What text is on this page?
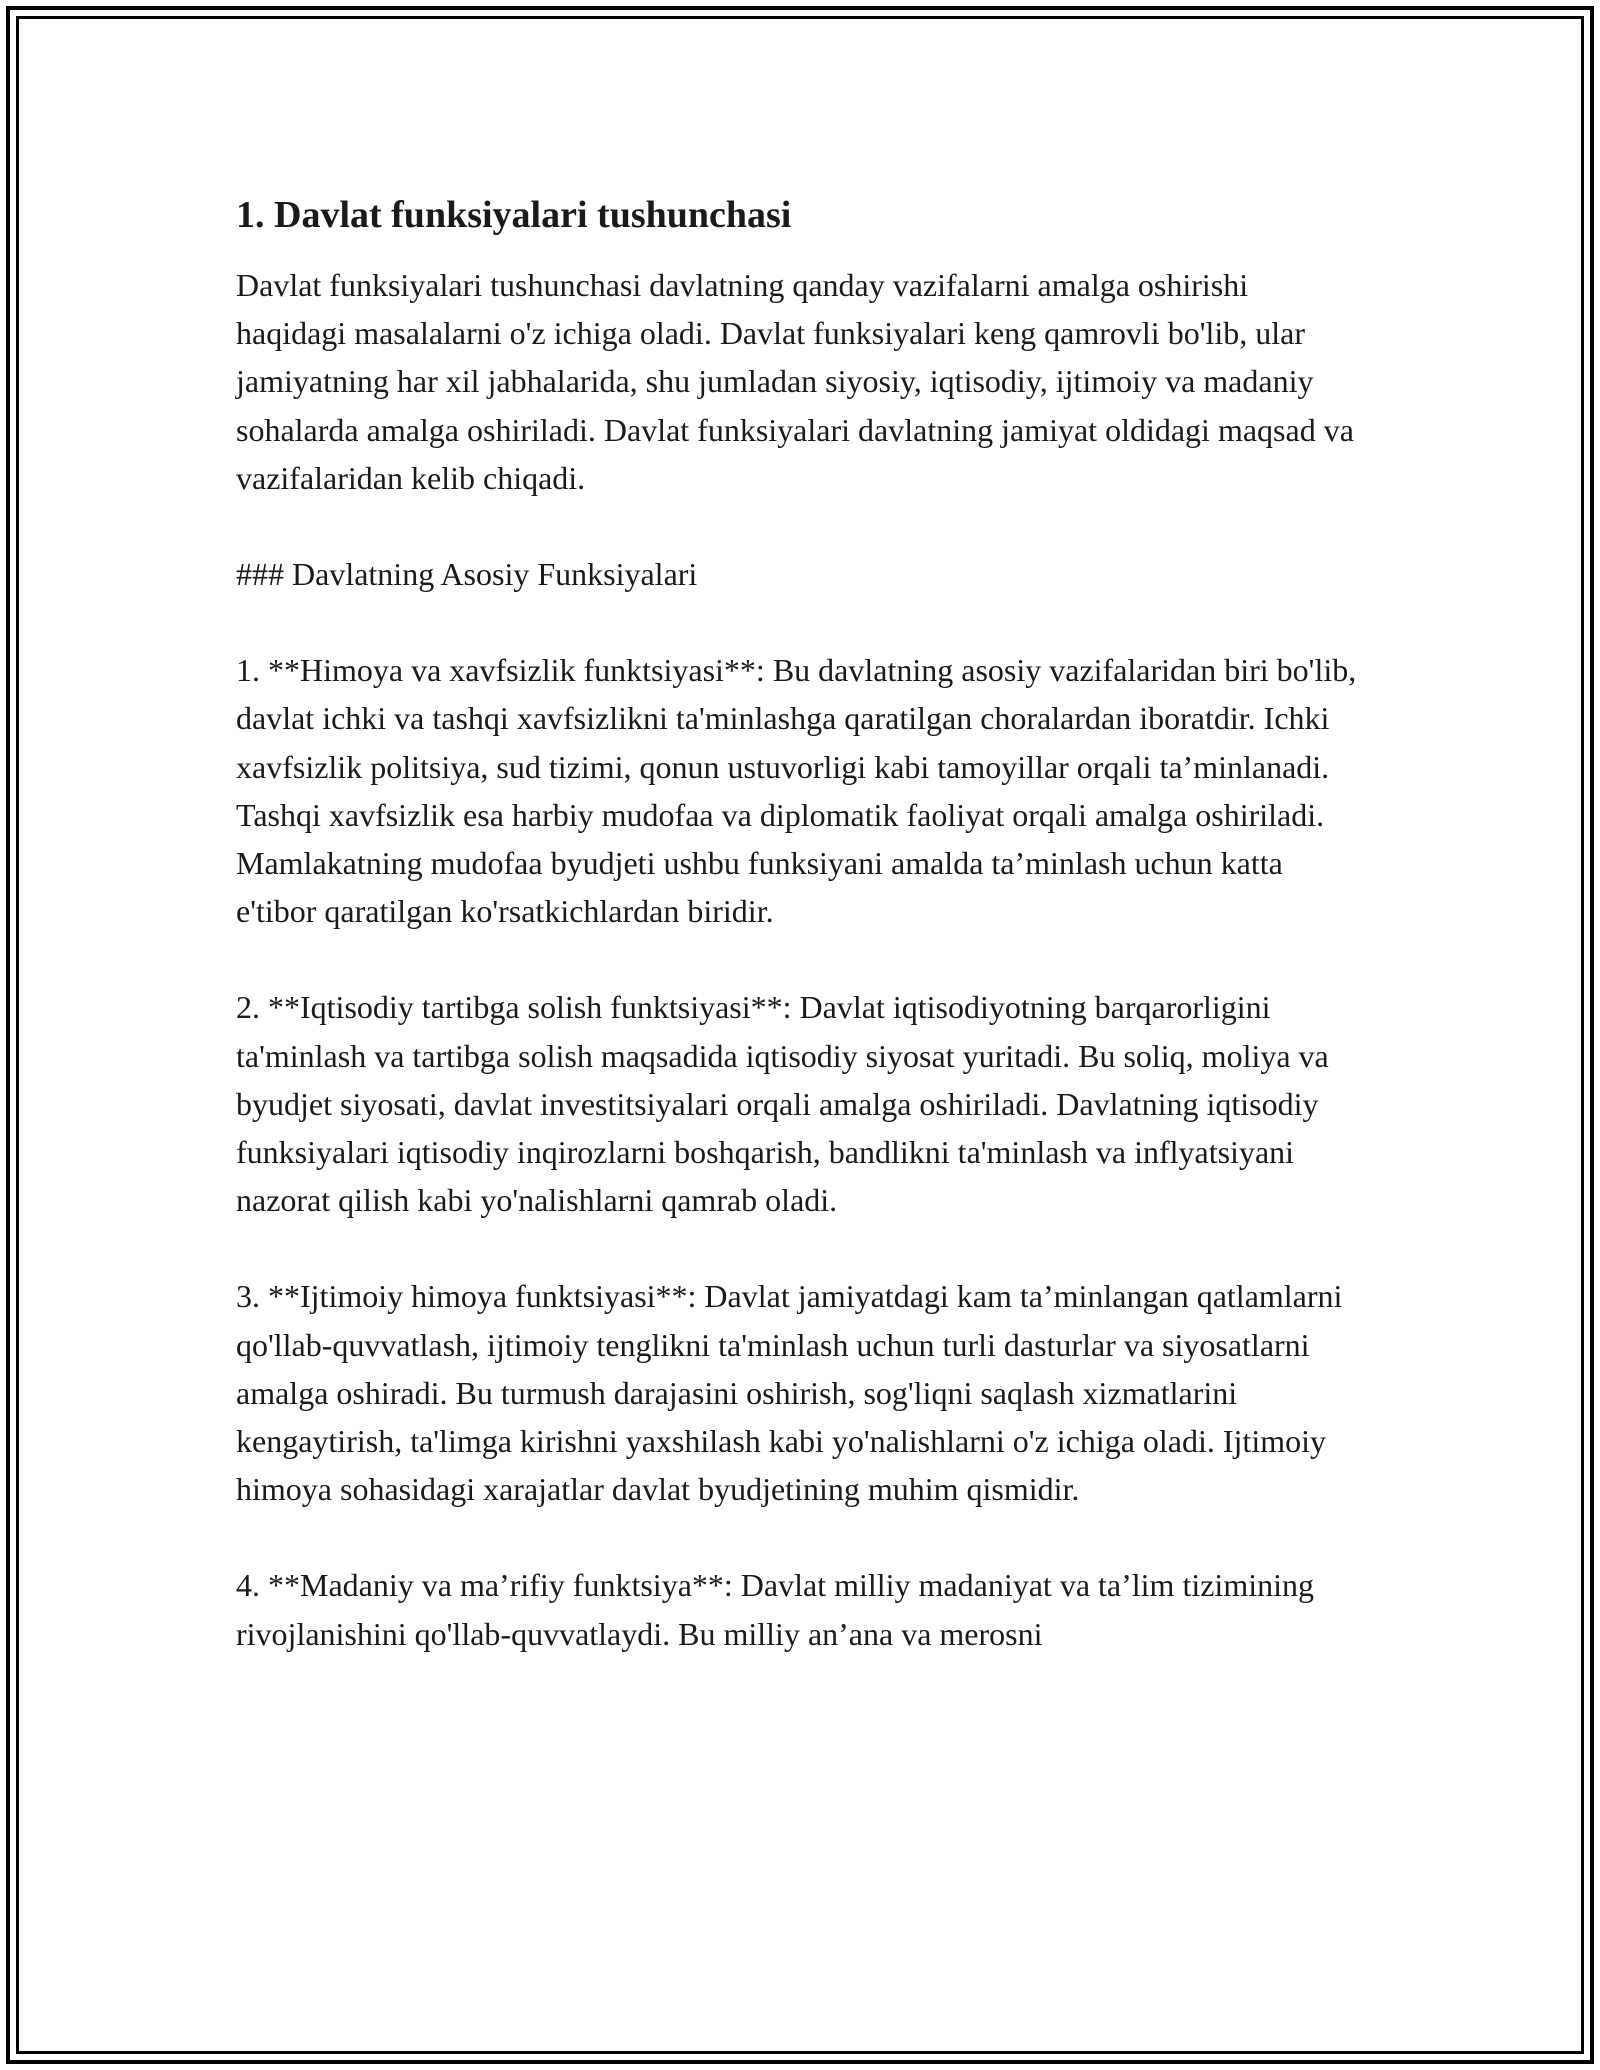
1. Davlat funksiyalari tushunchasi

Davlat funksiyalari tushunchasi davlatning qanday vazifalarni amalga oshirishi haqidagi masalalarni o'z ichiga oladi. Davlat funksiyalari keng qamrovli bo'lib, ular jamiyatning har xil jabhalarida, shu jumladan siyosiy, iqtisodiy, ijtimoiy va madaniy sohalarda amalga oshiriladi. Davlat funksiyalari davlatning jamiyat oldidagi maqsad va vazifalaridan kelib chiqadi.

### Davlatning Asosiy Funksiyalari

1. **Himoya va xavfsizlik funktsiyasi**: Bu davlatning asosiy vazifalaridan biri bo'lib, davlat ichki va tashqi xavfsizlikni ta'minlashga qaratilgan choralardan iboratdir. Ichki xavfsizlik politsiya, sud tizimi, qonun ustuvorligi kabi tamoyillar orqali ta’minlanadi. Tashqi xavfsizlik esa harbiy mudofaa va diplomatik faoliyat orqali amalga oshiriladi. Mamlakatning mudofaa byudjeti ushbu funksiyani amalda ta’minlash uchun katta e'tibor qaratilgan ko'rsatkichlardan biridir.

2. **Iqtisodiy tartibga solish funktsiyasi**: Davlat iqtisodiyotning barqarorligini ta'minlash va tartibga solish maqsadida iqtisodiy siyosat yuritadi. Bu soliq, moliya va byudjet siyosati, davlat investitsiyalari orqali amalga oshiriladi. Davlatning iqtisodiy funksiyalari iqtisodiy inqirozlarni boshqarish, bandlikni ta'minlash va inflyatsiyani nazorat qilish kabi yo'nalishlarni qamrab oladi.

3. **Ijtimoiy himoya funktsiyasi**: Davlat jamiyatdagi kam ta’minlangan qatlamlarni qo'llab-quvvatlash, ijtimoiy tenglikni ta'minlash uchun turli dasturlar va siyosatlarni amalga oshiradi. Bu turmush darajasini oshirish, sog'liqni saqlash xizmatlarini kengaytirish, ta'limga kirishni yaxshilash kabi yo'nalishlarni o'z ichiga oladi. Ijtimoiy himoya sohasidagi xarajatlar davlat byudjetining muhim qismidir.

4. **Madaniy va ma’rifiy funktsiya**: Davlat milliy madaniyat va ta’lim tizimining rivojlanishini qo'llab-quvvatlaydi. Bu milliy an’ana va merosni
